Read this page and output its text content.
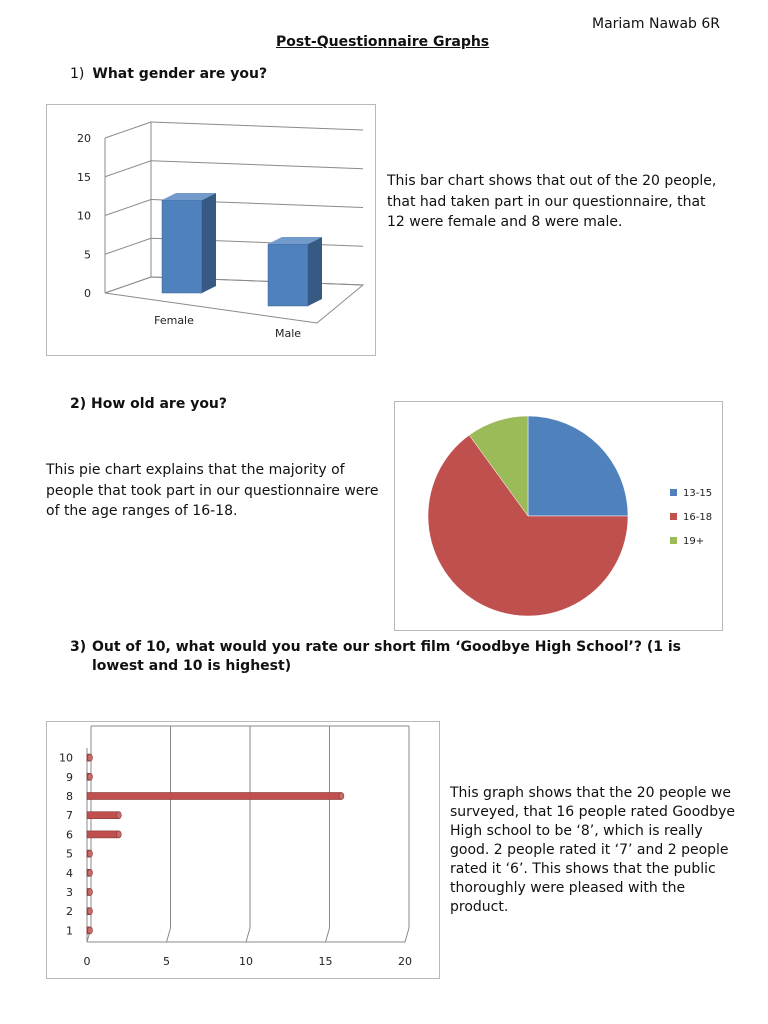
Mariam Nawab 6R
Post-Questionnaire Graphs
1) What gender are you?
0
5
10
15
20
Female
Male
This bar chart shows that out of the 20 people, that had taken part in our questionnaire, that 12 were female and 8 were male.
2) How old are you?
This pie chart explains that the majority of people that took part in our questionnaire were of the age ranges of 16-18.
13-15
16-18
19+
3) Out of 10, what would you rate our short film ‘Goodbye High School’? (1 is lowest and 10 is highest)
0	5	10	15	20
1
2
3
4
5
6
7
8
9
10
This graph shows that the 20 people we surveyed, that 16 people rated Goodbye High school to be ‘8’, which is really good. 2 people rated it ‘7’ and 2 people rated it ‘6’. This shows that the public thoroughly were pleased with the product.
